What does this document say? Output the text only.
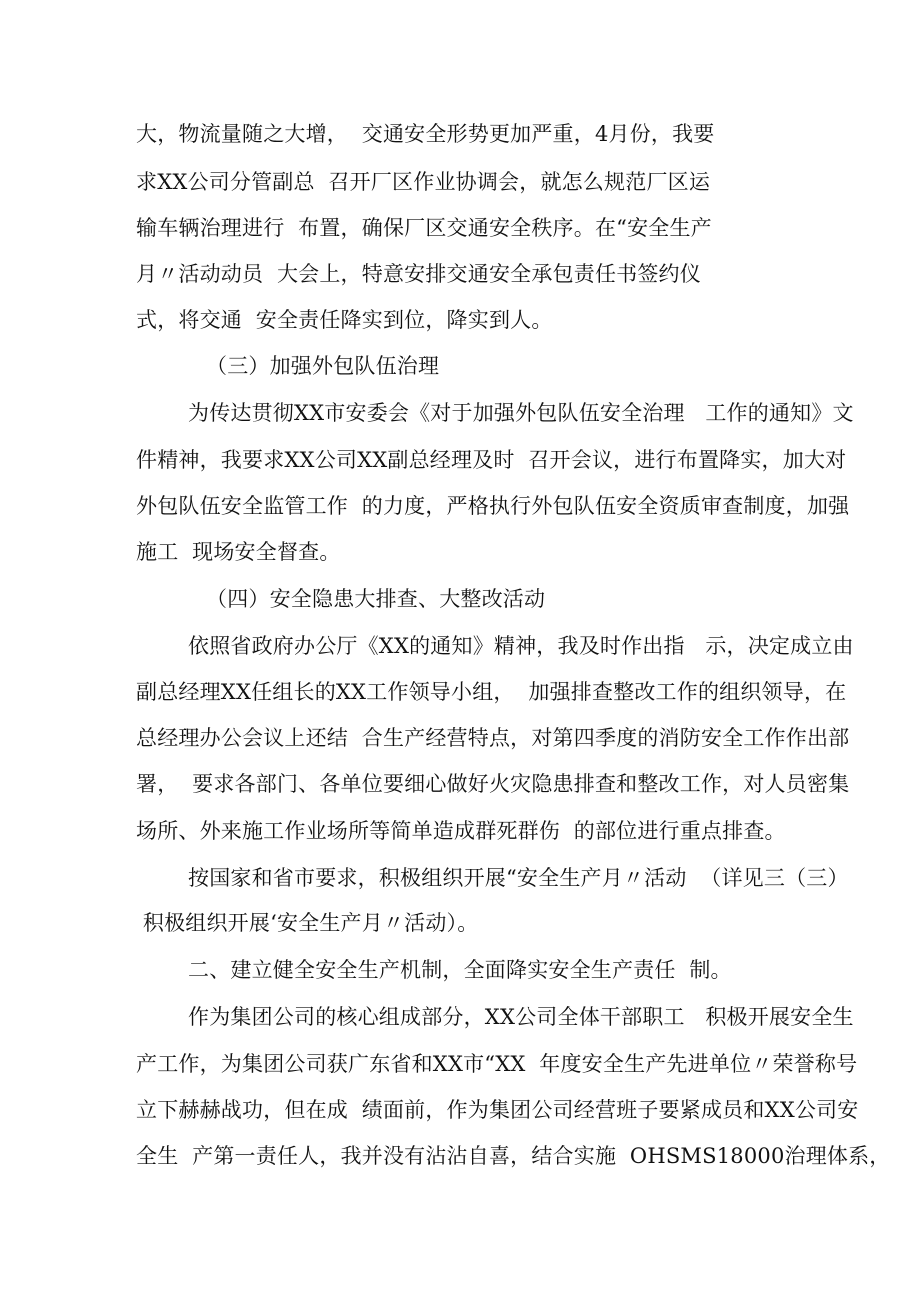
大，物流量随之大增，  交通安全形势更加严重，4月份，我要
求XX公司分管副总  召开厂区作业协调会，就怎么规范厂区运
输车辆治理进行  布置，确保厂区交通安全秩序。在“安全生产
月〃活动动员  大会上，特意安排交通安全承包责任书签约仪
式，将交通  安全责任降实到位，降实到人。
（三）加强外包队伍治理
为传达贯彻XX市安委会《对于加强外包队伍安全治理   工作的通知》文
件精神，我要求XX公司XX副总经理及时  召开会议，进行布置降实，加大对
外包队伍安全监管工作  的力度，严格执行外包队伍安全资质审查制度，加强
施工  现场安全督查。
（四）安全隐患大排查、大整改活动
依照省政府办公厅《XX的通知》精神，我及时作出指   示，决定成立由
副总经理XX任组长的XX工作领导小组，  加强排查整改工作的组织领导，在
总经理办公会议上还结  合生产经营特点，对第四季度的消防安全工作作出部
署，  要求各部门、各单位要细心做好火灾隐患排查和整改工作，对人员密集
场所、外来施工作业场所等简单造成群死群伤  的部位进行重点排查。
按国家和省市要求，积极组织开展“安全生产月〃活动  （详见三（三）
积极组织开展‘安全生产月〃活动）。
二、建立健全安全生产机制，全面降实安全生产责任  制。
作为集团公司的核心组成部分，XX公司全体干部职工   积极开展安全生
产工作，为集团公司获广东省和XX市“XX  年度安全生产先进单位〃荣誉称号
立下赫赫战功，但在成  绩面前，作为集团公司经营班子要紧成员和XX公司安
全生  产第一责任人，我并没有沾沾自喜，结合实施  OHSMS18000治理体系，
